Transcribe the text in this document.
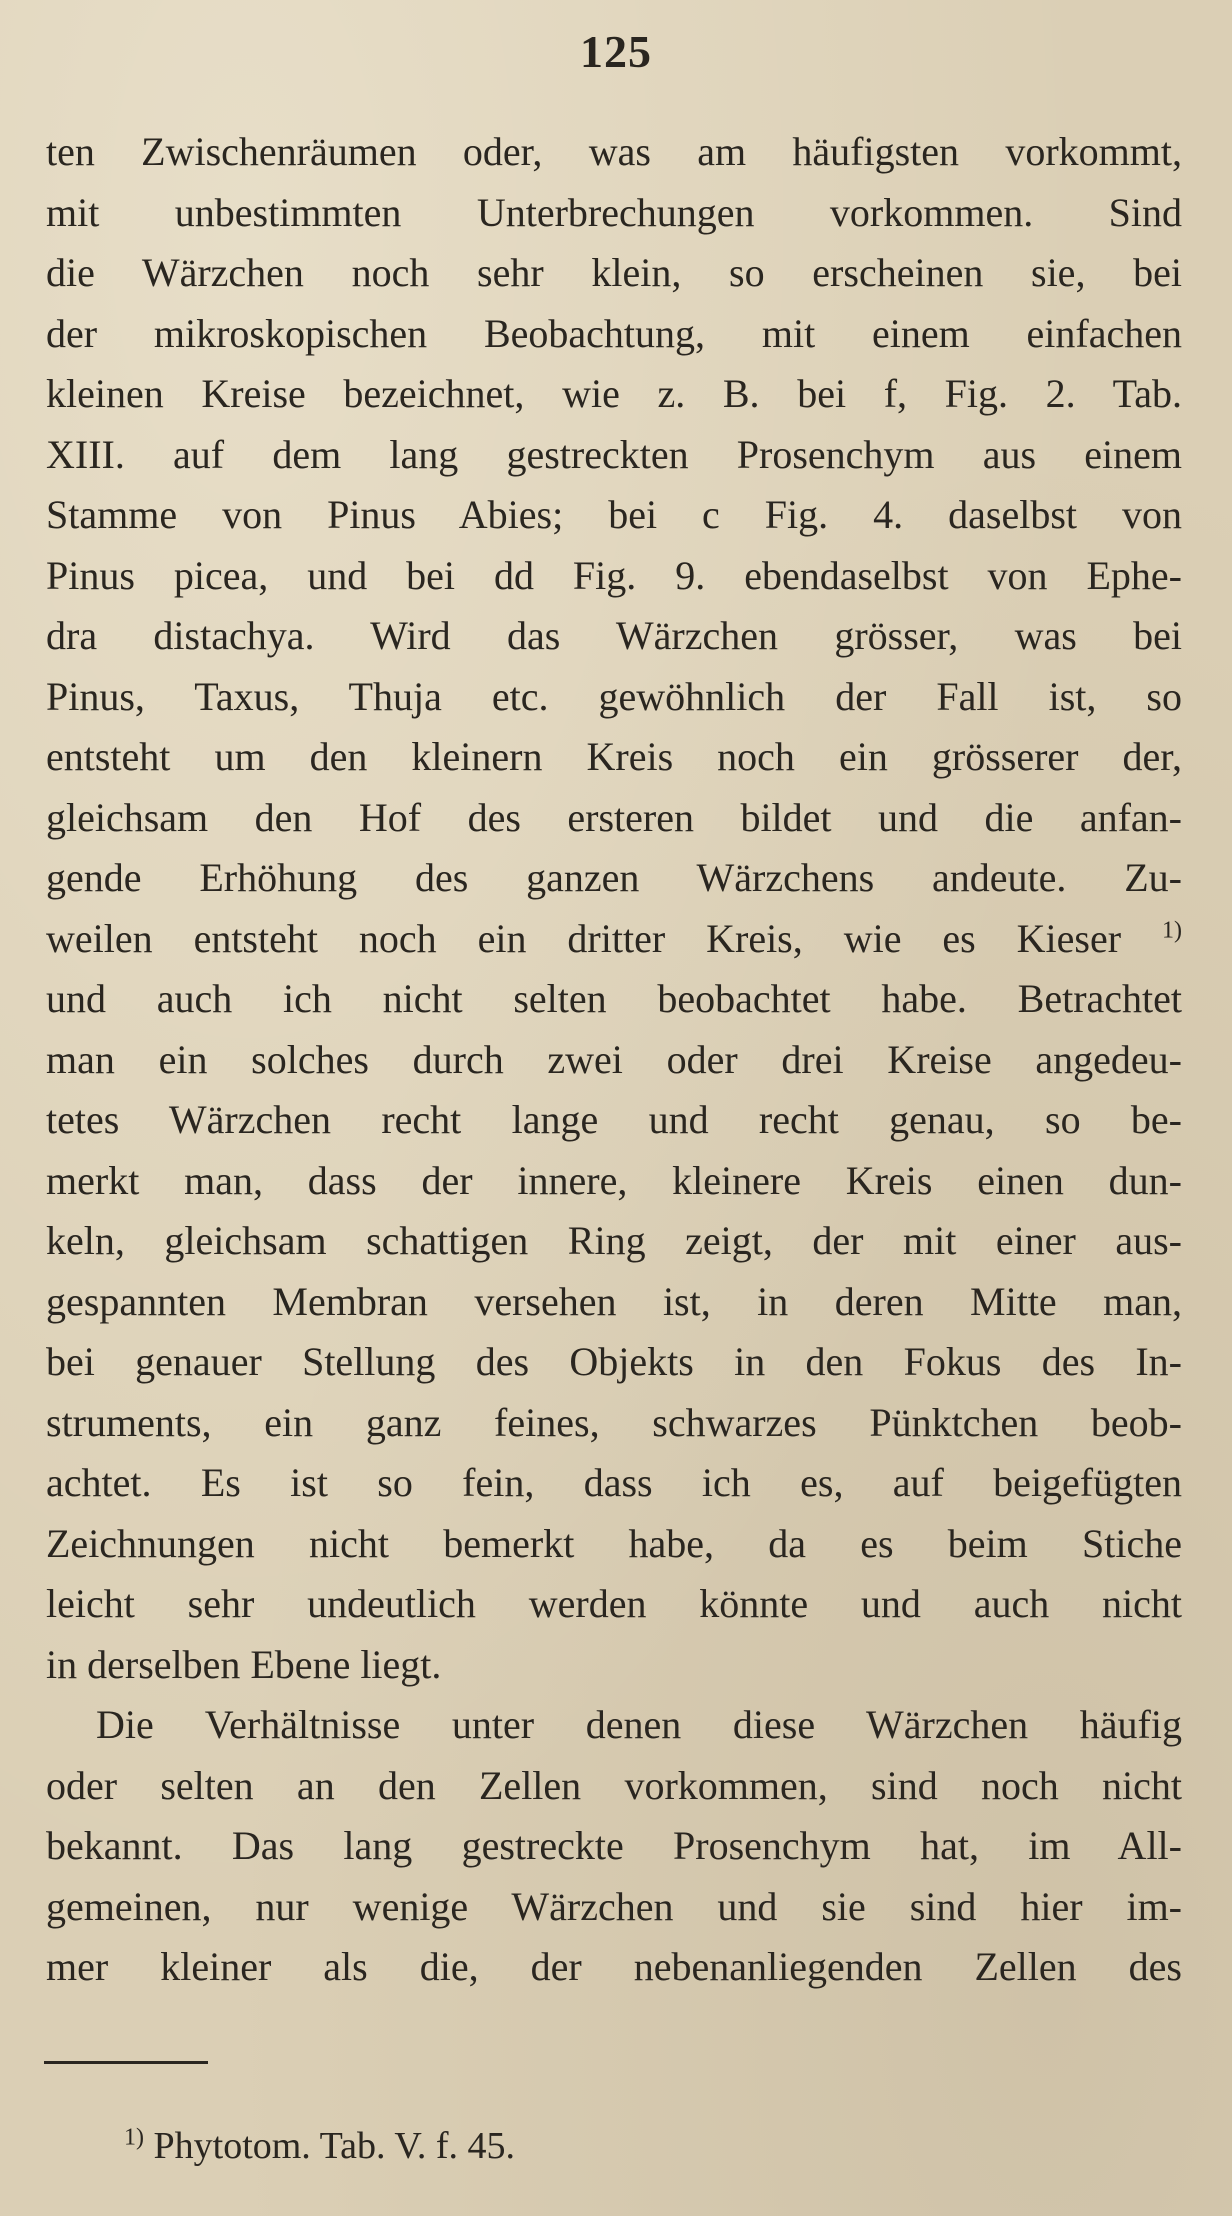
125
ten Zwischenräumen oder, was am häufigsten vorkommt,
mit unbestimmten Unterbrechungen vorkommen. Sind
die Wärzchen noch sehr klein, so erscheinen sie, bei
der mikroskopischen Beobachtung, mit einem einfachen
kleinen Kreise bezeichnet, wie z. B. bei f, Fig. 2. Tab.
XIII. auf dem lang gestreckten Prosenchym aus einem
Stamme von Pinus Abies; bei c Fig. 4. daselbst von
Pinus picea, und bei dd Fig. 9. ebendaselbst von Ephe-
dra distachya. Wird das Wärzchen grösser, was bei
Pinus, Taxus, Thuja etc. gewöhnlich der Fall ist, so
entsteht um den kleinern Kreis noch ein grösserer der,
gleichsam den Hof des ersteren bildet und die anfan-
gende Erhöhung des ganzen Wärzchens andeute. Zu-
weilen entsteht noch ein dritter Kreis, wie es Kieser $^{1)}$
und auch ich nicht selten beobachtet habe. Betrachtet
man ein solches durch zwei oder drei Kreise angedeu-
tetes Wärzchen recht lange und recht genau, so be-
merkt man, dass der innere, kleinere Kreis einen dun-
keln, gleichsam schattigen Ring zeigt, der mit einer aus-
gespannten Membran versehen ist, in deren Mitte man,
bei genauer Stellung des Objekts in den Fokus des In-
struments, ein ganz feines, schwarzes Pünktchen beob-
achtet. Es ist so fein, dass ich es, auf beigefügten
Zeichnungen nicht bemerkt habe, da es beim Stiche
leicht sehr undeutlich werden könnte und auch nicht
in derselben Ebene liegt.
Die Verhältnisse unter denen diese Wärzchen häufig
oder selten an den Zellen vorkommen, sind noch nicht
bekannt. Das lang gestreckte Prosenchym hat, im All-
gemeinen, nur wenige Wärzchen und sie sind hier im-
mer kleiner als die, der nebenanliegenden Zellen des
$^{1)}$ Phytotom. Tab. V. f. 45.
